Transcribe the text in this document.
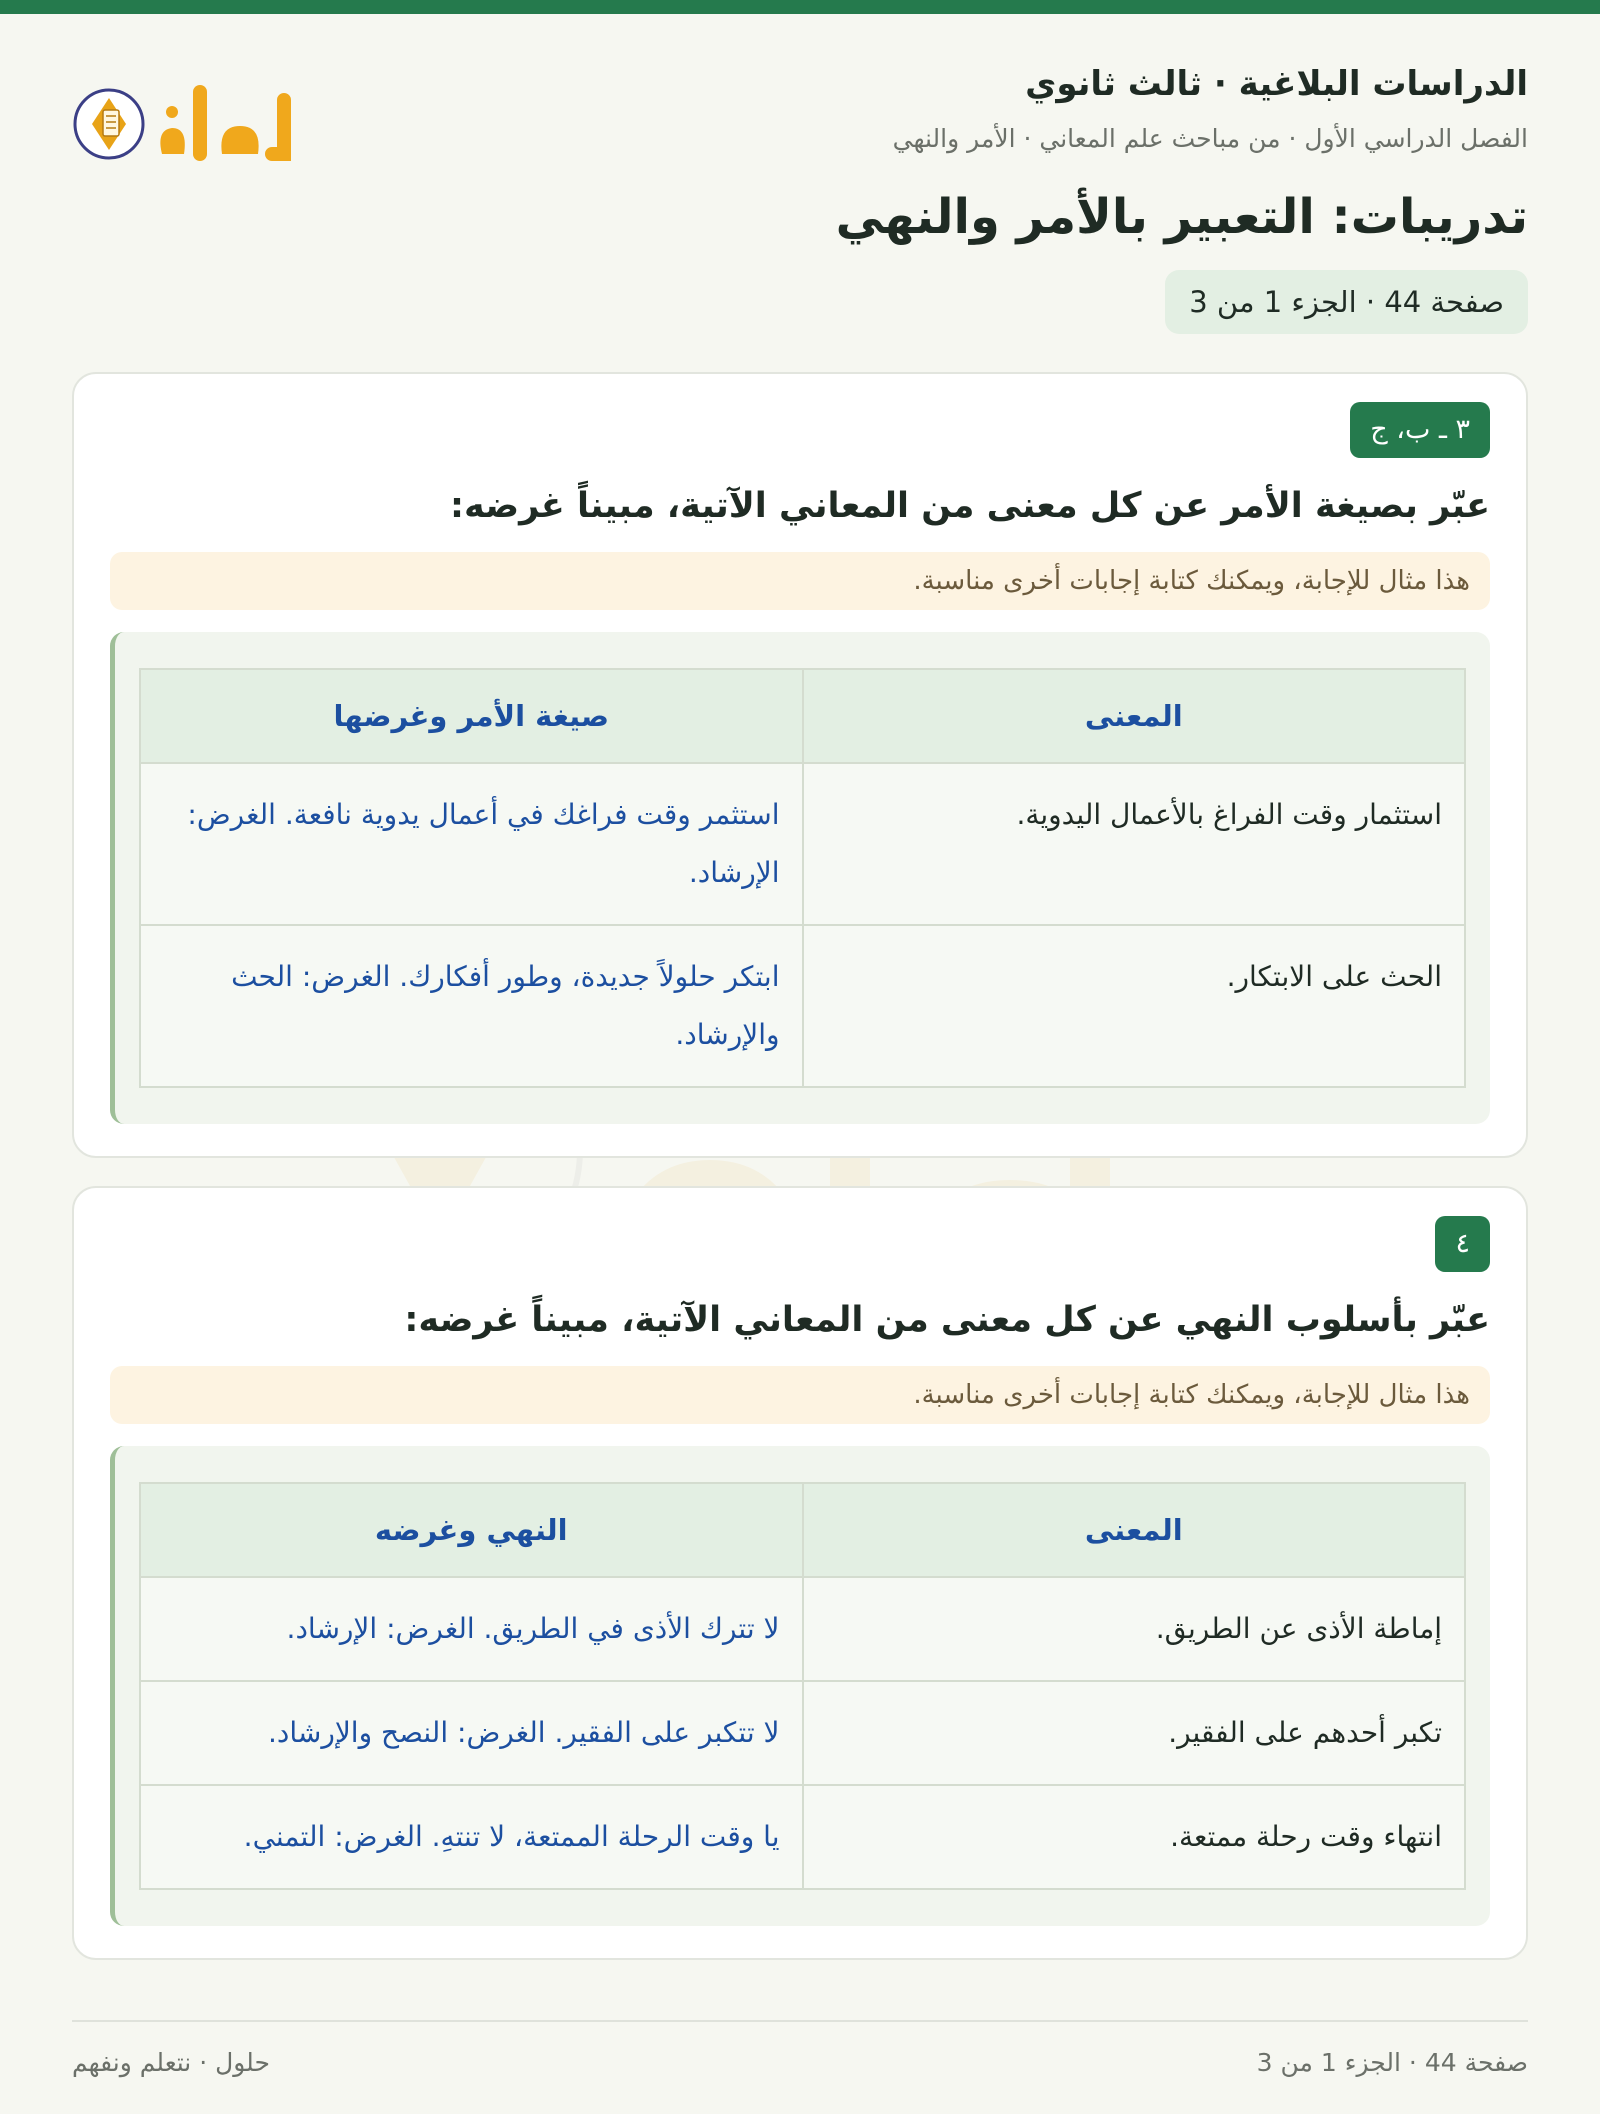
الدراسات البلاغية · ثالث ثانوي
الفصل الدراسي الأول · من مباحث علم المعاني · الأمر والنهي
تدريبات: التعبير بالأمر والنهي
صفحة 44 · الجزء 1 من 3
٣ ـ ب، ج
عبّر بصيغة الأمر عن كل معنى من المعاني الآتية، مبيناً غرضه:
هذا مثال للإجابة، ويمكنك كتابة إجابات أخرى مناسبة.
المعنى	صيغة الأمر وغرضها
استثمار وقت الفراغ بالأعمال اليدوية.	استثمر وقت فراغك في أعمال يدوية نافعة. الغرض: الإرشاد.
الحث على الابتكار.	ابتكر حلولاً جديدة، وطور أفكارك. الغرض: الحث والإرشاد.
٤
عبّر بأسلوب النهي عن كل معنى من المعاني الآتية، مبيناً غرضه:
هذا مثال للإجابة، ويمكنك كتابة إجابات أخرى مناسبة.
المعنى	النهي وغرضه
إماطة الأذى عن الطريق.	لا تترك الأذى في الطريق. الغرض: الإرشاد.
تكبر أحدهم على الفقير.	لا تتكبر على الفقير. الغرض: النصح والإرشاد.
انتهاء وقت رحلة ممتعة.	يا وقت الرحلة الممتعة، لا تنتهِ. الغرض: التمني.
صفحة 44 · الجزء 1 من 3
حلول · نتعلم ونفهم
